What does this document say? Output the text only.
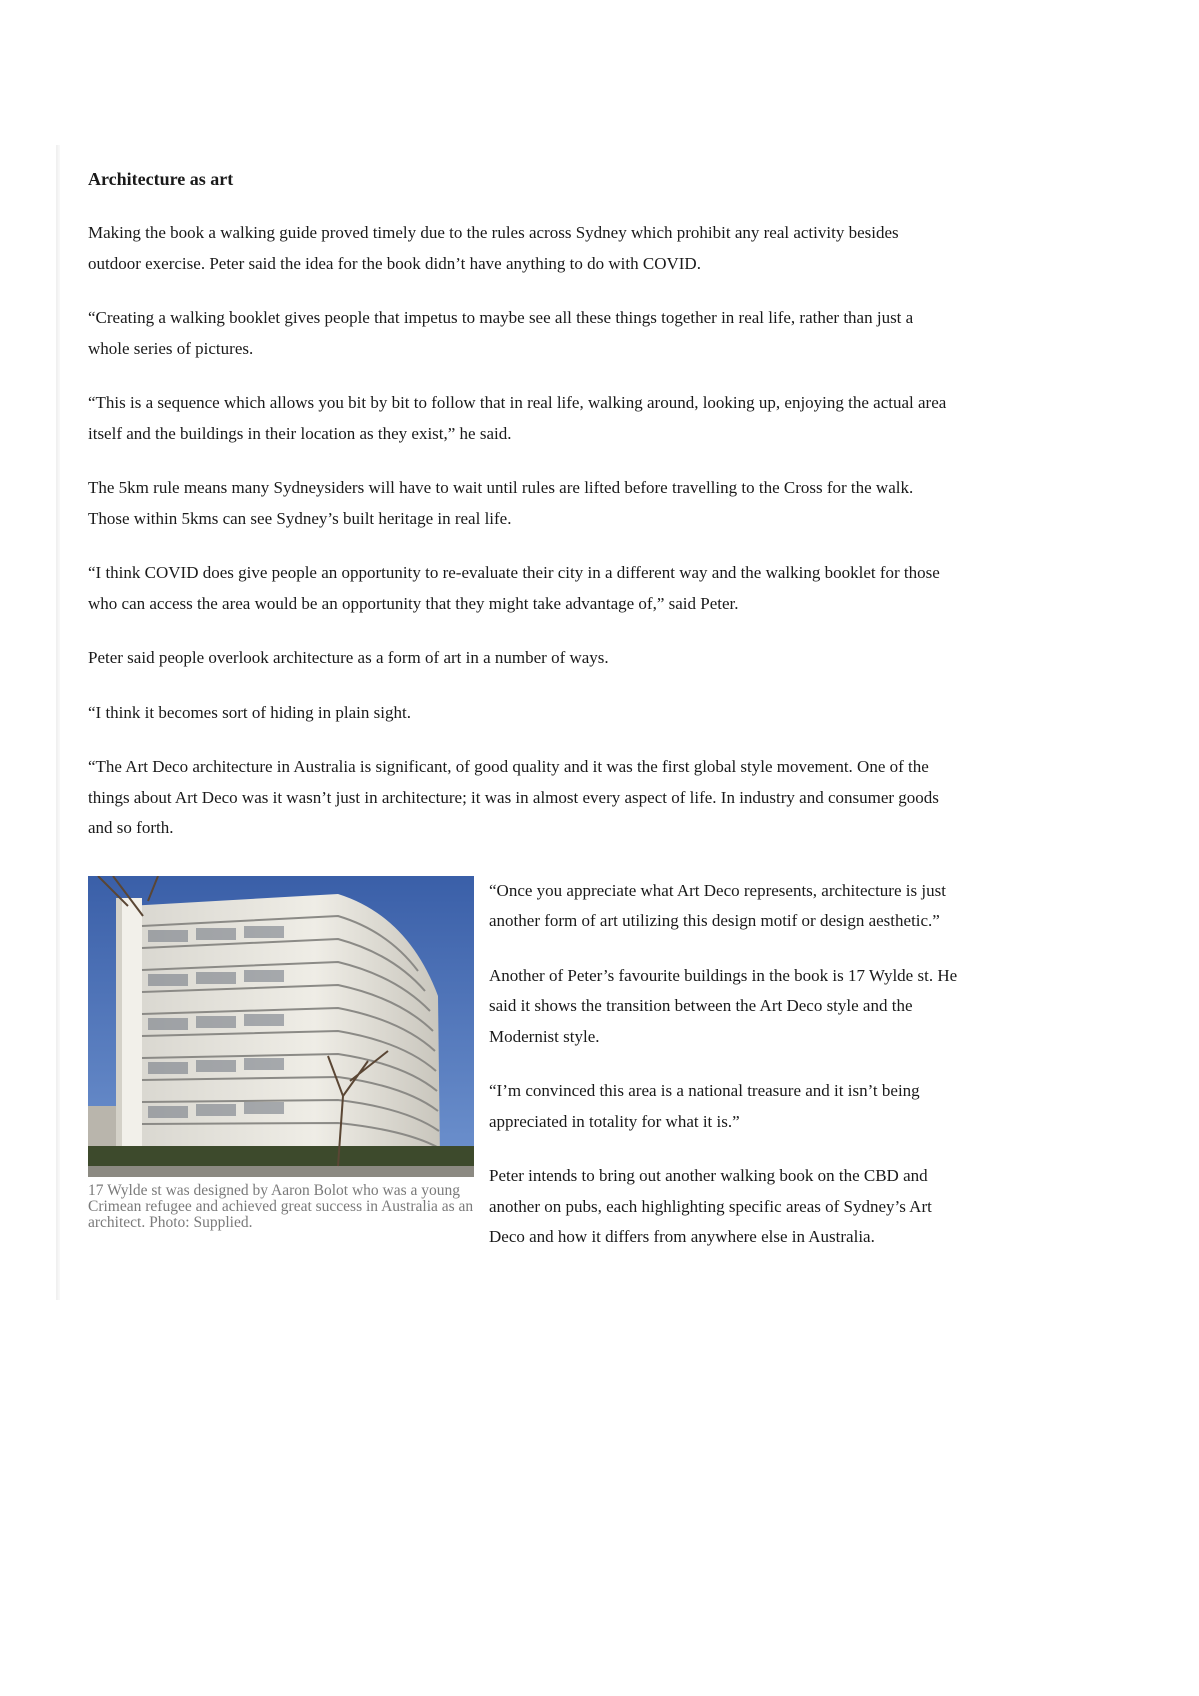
Architecture as art

Making the book a walking guide proved timely due to the rules across Sydney which prohibit any real activity besides outdoor exercise. Peter said the idea for the book didn’t have anything to do with COVID.

“Creating a walking booklet gives people that impetus to maybe see all these things together in real life, rather than just a whole series of pictures.

“This is a sequence which allows you bit by bit to follow that in real life, walking around, looking up, enjoying the actual area itself and the buildings in their location as they exist,” he said.

The 5km rule means many Sydneysiders will have to wait until rules are lifted before travelling to the Cross for the walk. Those within 5kms can see Sydney’s built heritage in real life.

“I think COVID does give people an opportunity to re-evaluate their city in a different way and the walking booklet for those who can access the area would be an opportunity that they might take advantage of,” said Peter.

Peter said people overlook architecture as a form of art in a number of ways.

“I think it becomes sort of hiding in plain sight.

“The Art Deco architecture in Australia is significant, of good quality and it was the first global style movement. One of the things about Art Deco was it wasn’t just in architecture; it was in almost every aspect of life. In industry and consumer goods and so forth.

17 Wylde st was designed by Aaron Bolot who was a young Crimean refugee and achieved great success in Australia as an architect. Photo: Supplied.

“Once you appreciate what Art Deco represents, architecture is just another form of art utilizing this design motif or design aesthetic.”

Another of Peter’s favourite buildings in the book is 17 Wylde st. He said it shows the transition between the Art Deco style and the Modernist style.

“I’m convinced this area is a national treasure and it isn’t being appreciated in totality for what it is.”

Peter intends to bring out another walking book on the CBD and another on pubs, each highlighting specific areas of Sydney’s Art Deco and how it differs from anywhere else in Australia.
